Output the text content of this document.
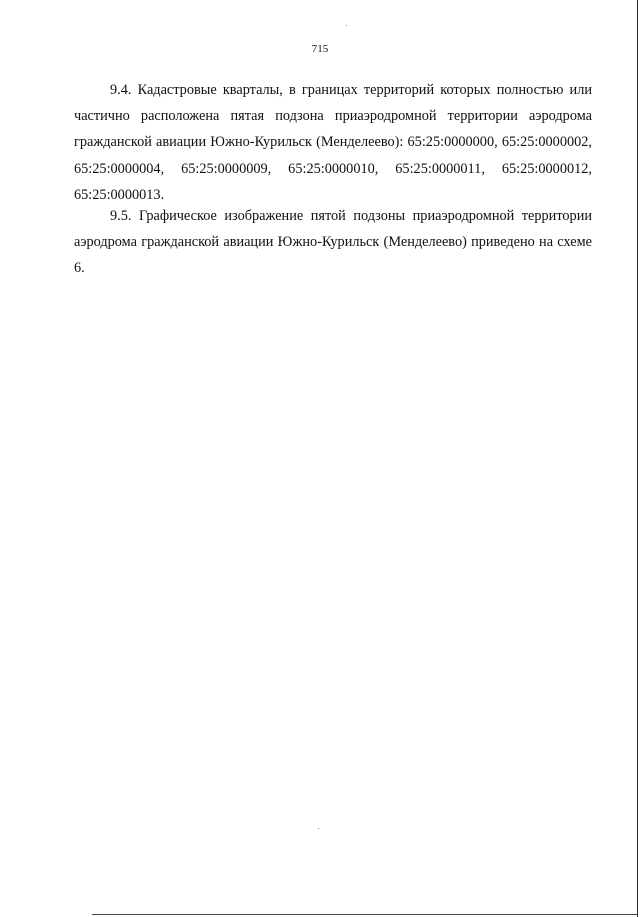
715

9.4. Кадастровые кварталы, в границах территорий которых полностью или частично расположена пятая подзона приаэродромной территории аэродрома гражданской авиации Южно-Курильск (Менделеево): 65:25:0000000, 65:25:0000002, 65:25:0000004, 65:25:0000009, 65:25:0000010, 65:25:0000011, 65:25:0000012, 65:25:0000013.

9.5. Графическое изображение пятой подзоны приаэродромной территории аэродрома гражданской авиации Южно-Курильск (Менделеево) приведено на схеме 6.
